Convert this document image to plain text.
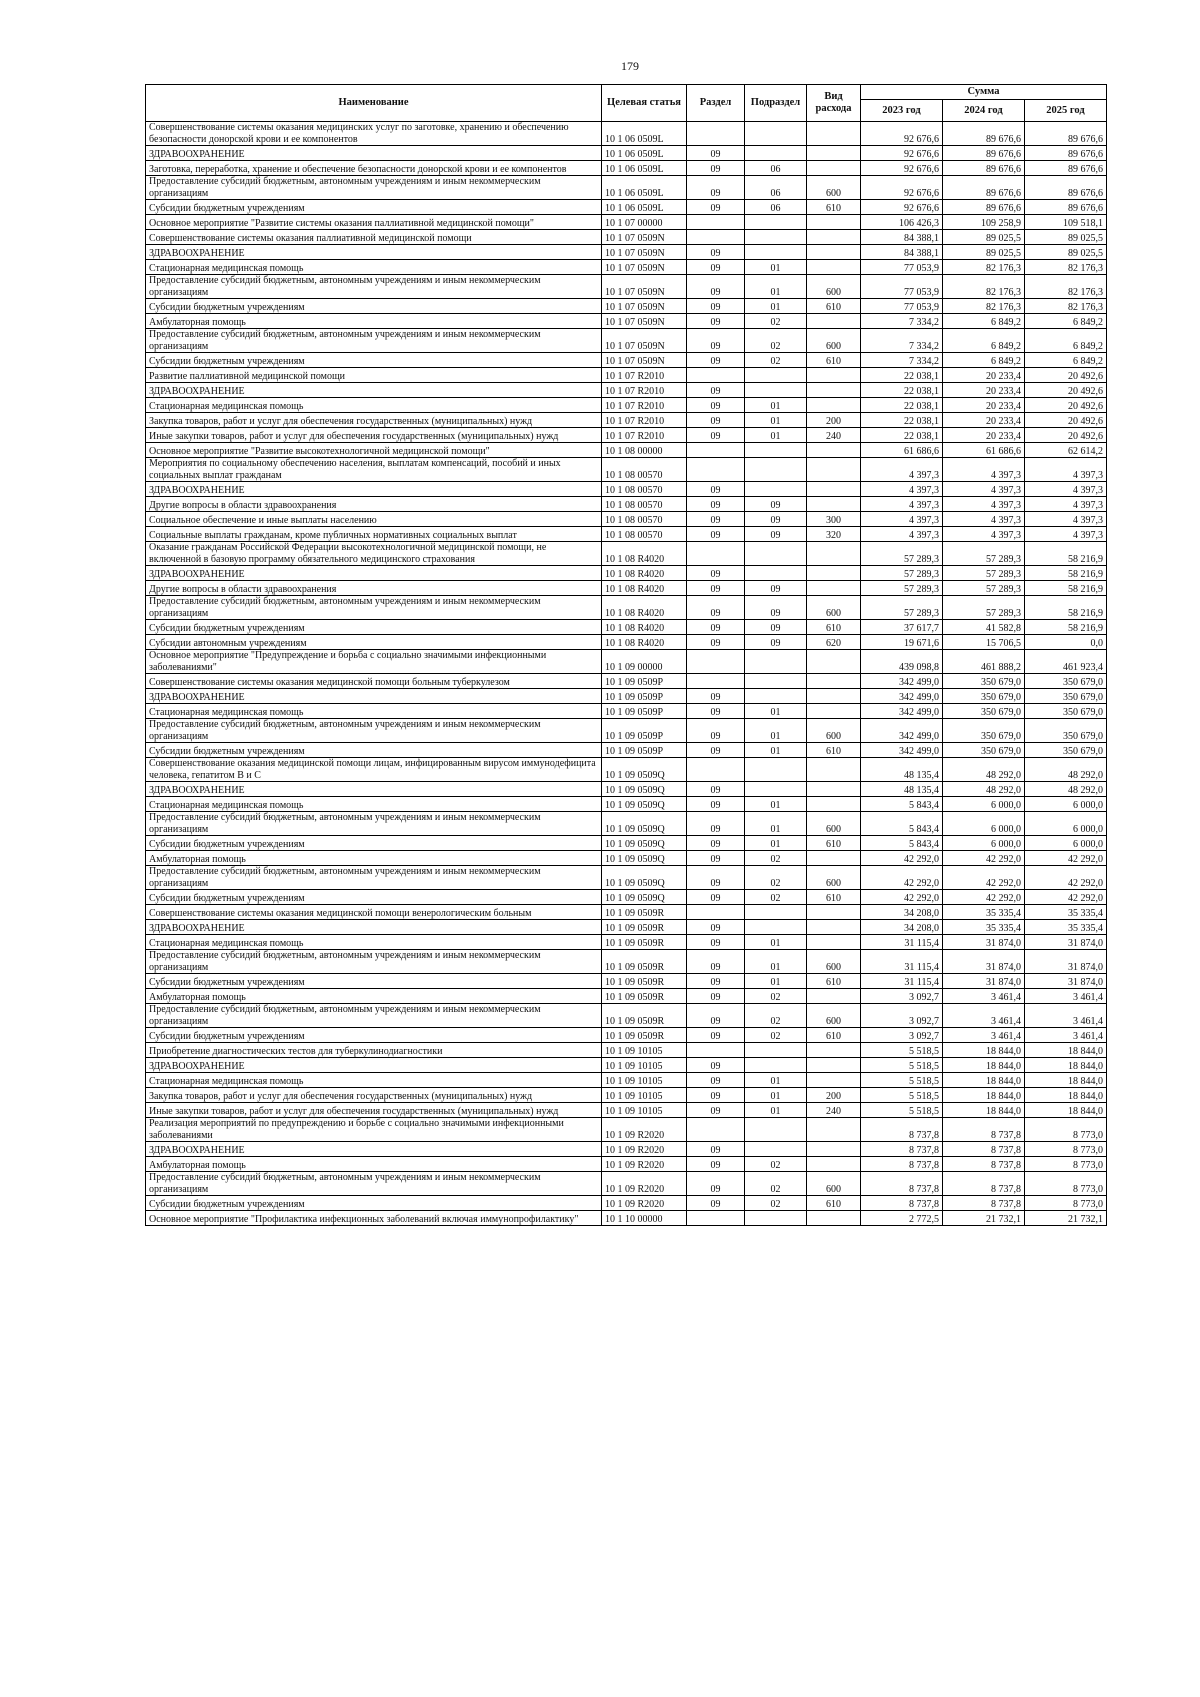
179
Наименование	Целевая статья	Раздел	Подраздел	Вид расхода	Сумма		
					2023 год	2024 год	2025 год
Совершенствование системы оказания медицинских услуг по заготовке, хранению и обеспечению безопасности донорской крови и ее компонентов	10 1 06 0509L				92 676,6	89 676,6	89 676,6
ЗДРАВООХРАНЕНИЕ	10 1 06 0509L	09			92 676,6	89 676,6	89 676,6
Заготовка, переработка, хранение и обеспечение безопасности донорской крови и ее компонентов	10 1 06 0509L	09	06		92 676,6	89 676,6	89 676,6
Предоставление субсидий бюджетным, автономным учреждениям и иным некоммерческим организациям	10 1 06 0509L	09	06	600	92 676,6	89 676,6	89 676,6
Субсидии бюджетным учреждениям	10 1 06 0509L	09	06	610	92 676,6	89 676,6	89 676,6
Основное мероприятие "Развитие системы оказания паллиативной медицинской помощи"	10 1 07 00000				106 426,3	109 258,9	109 518,1
Совершенствование системы оказания паллиативной медицинской помощи	10 1 07 0509N				84 388,1	89 025,5	89 025,5
ЗДРАВООХРАНЕНИЕ	10 1 07 0509N	09			84 388,1	89 025,5	89 025,5
Стационарная медицинская помощь	10 1 07 0509N	09	01		77 053,9	82 176,3	82 176,3
Предоставление субсидий бюджетным, автономным учреждениям и иным некоммерческим организациям	10 1 07 0509N	09	01	600	77 053,9	82 176,3	82 176,3
Субсидии бюджетным учреждениям	10 1 07 0509N	09	01	610	77 053,9	82 176,3	82 176,3
Амбулаторная помощь	10 1 07 0509N	09	02		7 334,2	6 849,2	6 849,2
Предоставление субсидий бюджетным, автономным учреждениям и иным некоммерческим организациям	10 1 07 0509N	09	02	600	7 334,2	6 849,2	6 849,2
Субсидии бюджетным учреждениям	10 1 07 0509N	09	02	610	7 334,2	6 849,2	6 849,2
Развитие паллиативной медицинской помощи	10 1 07 R2010				22 038,1	20 233,4	20 492,6
ЗДРАВООХРАНЕНИЕ	10 1 07 R2010	09			22 038,1	20 233,4	20 492,6
Стационарная медицинская помощь	10 1 07 R2010	09	01		22 038,1	20 233,4	20 492,6
Закупка товаров, работ и услуг для обеспечения государственных (муниципальных) нужд	10 1 07 R2010	09	01	200	22 038,1	20 233,4	20 492,6
Иные закупки товаров, работ и услуг для обеспечения государственных (муниципальных) нужд	10 1 07 R2010	09	01	240	22 038,1	20 233,4	20 492,6
Основное мероприятие "Развитие высокотехнологичной медицинской помощи"	10 1 08 00000				61 686,6	61 686,6	62 614,2
Мероприятия по социальному обеспечению населения, выплатам компенсаций, пособий и иных социальных выплат гражданам	10 1 08 00570				4 397,3	4 397,3	4 397,3
ЗДРАВООХРАНЕНИЕ	10 1 08 00570	09			4 397,3	4 397,3	4 397,3
Другие вопросы в области здравоохранения	10 1 08 00570	09	09		4 397,3	4 397,3	4 397,3
Социальное обеспечение и иные выплаты населению	10 1 08 00570	09	09	300	4 397,3	4 397,3	4 397,3
Социальные выплаты гражданам, кроме публичных нормативных социальных выплат	10 1 08 00570	09	09	320	4 397,3	4 397,3	4 397,3
Оказание гражданам Российской Федерации высокотехнологичной медицинской помощи, не включенной в базовую программу обязательного медицинского страхования	10 1 08 R4020				57 289,3	57 289,3	58 216,9
ЗДРАВООХРАНЕНИЕ	10 1 08 R4020	09			57 289,3	57 289,3	58 216,9
Другие вопросы в области здравоохранения	10 1 08 R4020	09	09		57 289,3	57 289,3	58 216,9
Предоставление субсидий бюджетным, автономным учреждениям и иным некоммерческим организациям	10 1 08 R4020	09	09	600	57 289,3	57 289,3	58 216,9
Субсидии бюджетным учреждениям	10 1 08 R4020	09	09	610	37 617,7	41 582,8	58 216,9
Субсидии автономным учреждениям	10 1 08 R4020	09	09	620	19 671,6	15 706,5	0,0
Основное мероприятие "Предупреждение и борьба с социально значимыми инфекционными заболеваниями"	10 1 09 00000				439 098,8	461 888,2	461 923,4
Совершенствование системы оказания медицинской помощи больным туберкулезом	10 1 09 0509P				342 499,0	350 679,0	350 679,0
ЗДРАВООХРАНЕНИЕ	10 1 09 0509P	09			342 499,0	350 679,0	350 679,0
Стационарная медицинская помощь	10 1 09 0509P	09	01		342 499,0	350 679,0	350 679,0
Предоставление субсидий бюджетным, автономным учреждениям и иным некоммерческим организациям	10 1 09 0509P	09	01	600	342 499,0	350 679,0	350 679,0
Субсидии бюджетным учреждениям	10 1 09 0509P	09	01	610	342 499,0	350 679,0	350 679,0
Совершенствование оказания медицинской помощи лицам, инфицированным вирусом иммунодефицита человека, гепатитом В и С	10 1 09 0509Q				48 135,4	48 292,0	48 292,0
ЗДРАВООХРАНЕНИЕ	10 1 09 0509Q	09			48 135,4	48 292,0	48 292,0
Стационарная медицинская помощь	10 1 09 0509Q	09	01		5 843,4	6 000,0	6 000,0
Предоставление субсидий бюджетным, автономным учреждениям и иным некоммерческим организациям	10 1 09 0509Q	09	01	600	5 843,4	6 000,0	6 000,0
Субсидии бюджетным учреждениям	10 1 09 0509Q	09	01	610	5 843,4	6 000,0	6 000,0
Амбулаторная помощь	10 1 09 0509Q	09	02		42 292,0	42 292,0	42 292,0
Предоставление субсидий бюджетным, автономным учреждениям и иным некоммерческим организациям	10 1 09 0509Q	09	02	600	42 292,0	42 292,0	42 292,0
Субсидии бюджетным учреждениям	10 1 09 0509Q	09	02	610	42 292,0	42 292,0	42 292,0
Совершенствование системы оказания медицинской помощи венерологическим больным	10 1 09 0509R				34 208,0	35 335,4	35 335,4
ЗДРАВООХРАНЕНИЕ	10 1 09 0509R	09			34 208,0	35 335,4	35 335,4
Стационарная медицинская помощь	10 1 09 0509R	09	01		31 115,4	31 874,0	31 874,0
Предоставление субсидий бюджетным, автономным учреждениям и иным некоммерческим организациям	10 1 09 0509R	09	01	600	31 115,4	31 874,0	31 874,0
Субсидии бюджетным учреждениям	10 1 09 0509R	09	01	610	31 115,4	31 874,0	31 874,0
Амбулаторная помощь	10 1 09 0509R	09	02		3 092,7	3 461,4	3 461,4
Предоставление субсидий бюджетным, автономным учреждениям и иным некоммерческим организациям	10 1 09 0509R	09	02	600	3 092,7	3 461,4	3 461,4
Субсидии бюджетным учреждениям	10 1 09 0509R	09	02	610	3 092,7	3 461,4	3 461,4
Приобретение диагностических тестов для туберкулинодиагностики	10 1 09 10105				5 518,5	18 844,0	18 844,0
ЗДРАВООХРАНЕНИЕ	10 1 09 10105	09			5 518,5	18 844,0	18 844,0
Стационарная медицинская помощь	10 1 09 10105	09	01		5 518,5	18 844,0	18 844,0
Закупка товаров, работ и услуг для обеспечения государственных (муниципальных) нужд	10 1 09 10105	09	01	200	5 518,5	18 844,0	18 844,0
Иные закупки товаров, работ и услуг для обеспечения государственных (муниципальных) нужд	10 1 09 10105	09	01	240	5 518,5	18 844,0	18 844,0
Реализация мероприятий по предупреждению и борьбе с социально значимыми инфекционными заболеваниями	10 1 09 R2020				8 737,8	8 737,8	8 773,0
ЗДРАВООХРАНЕНИЕ	10 1 09 R2020	09			8 737,8	8 737,8	8 773,0
Амбулаторная помощь	10 1 09 R2020	09	02		8 737,8	8 737,8	8 773,0
Предоставление субсидий бюджетным, автономным учреждениям и иным некоммерческим организациям	10 1 09 R2020	09	02	600	8 737,8	8 737,8	8 773,0
Субсидии бюджетным учреждениям	10 1 09 R2020	09	02	610	8 737,8	8 737,8	8 773,0
Основное мероприятие "Профилактика инфекционных заболеваний включая иммунопрофилактику"	10 1 10 00000				2 772,5	21 732,1	21 732,1
